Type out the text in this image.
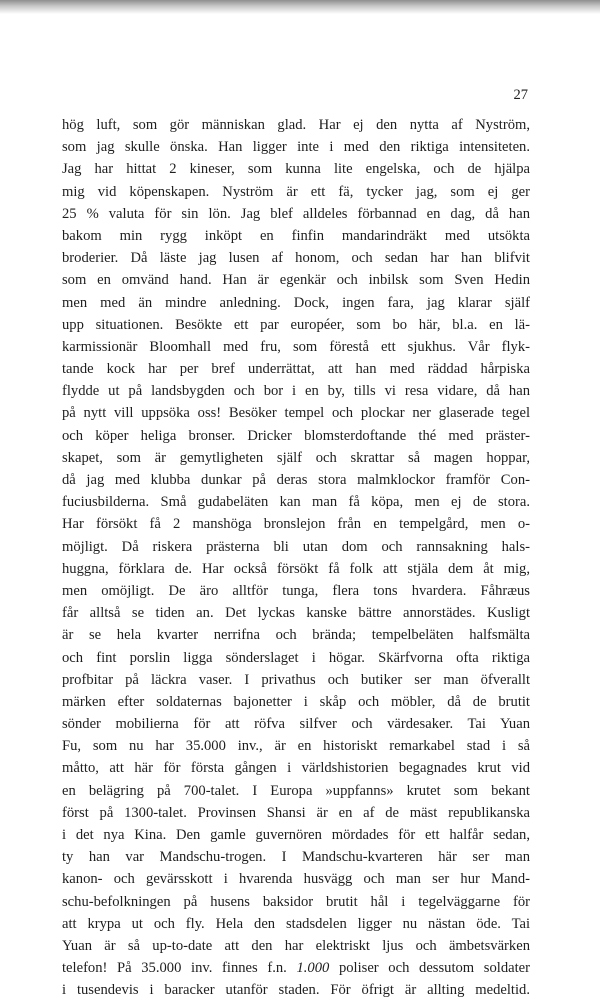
27
hög luft, som gör människan glad. Har ej den nytta af Nyström,
som jag skulle önska. Han ligger inte i med den riktiga intensiteten.
Jag har hittat 2 kineser, som kunna lite engelska, och de hjälpa
mig vid köpenskapen. Nyström är ett fä, tycker jag, som ej ger
25 % valuta för sin lön. Jag blef alldeles förbannad en dag, då han
bakom min rygg inköpt en finfin mandarindräkt med utsökta
broderier. Då läste jag lusen af honom, och sedan har han blifvit
som en omvänd hand. Han är egenkär och inbilsk som Sven Hedin
men med än mindre anledning. Dock, ingen fara, jag klarar själf
upp situationen. Besökte ett par européer, som bo här, bl.a. en lä-
karmissionär Bloomhall med fru, som förestå ett sjukhus. Vår flyk-
tande kock har per bref underrättat, att han med räddad hårpiska
flydde ut på landsbygden och bor i en by, tills vi resa vidare, då han
på nytt vill uppsöka oss! Besöker tempel och plockar ner glaserade tegel
och köper heliga bronser. Dricker blomsterdoftande thé med präster-
skapet, som är gemytligheten själf och skrattar så magen hoppar,
då jag med klubba dunkar på deras stora malmklockor framför Con-
fuciusbilderna. Små gudabeläten kan man få köpa, men ej de stora.
Har försökt få 2 manshöga bronslejon från en tempelgård, men o-
möjligt. Då riskera prästerna bli utan dom och rannsakning hals-
huggna, förklara de. Har också försökt få folk att stjäla dem åt mig,
men omöjligt. De äro alltför tunga, flera tons hvardera. Fåhræus
får alltså se tiden an. Det lyckas kanske bättre annorstädes. Kusligt
är se hela kvarter nerrifna och brända; tempelbeläten halfsmälta
och fint porslin ligga sönderslaget i högar. Skärfvorna ofta riktiga
profbitar på läckra vaser. I privathus och butiker ser man öfverallt
märken efter soldaternas bajonetter i skåp och möbler, då de brutit
sönder mobilierna för att röfva silfver och värdesaker. Tai Yuan
Fu, som nu har 35.000 inv., är en historiskt remarkabel stad i så
måtto, att här för första gången i världshistorien begagnades krut vid
en belägring på 700-talet. I Europa »uppfanns» krutet som bekant
först på 1300-talet. Provinsen Shansi är en af de mäst republikanska
i det nya Kina. Den gamle guvernören mördades för ett halfår sedan,
ty han var Mandschu-trogen. I Mandschu-kvarteren här ser man
kanon- och gevärsskott i hvarenda husvägg och man ser hur Mand-
schu-befolkningen på husens baksidor brutit hål i tegelväggarne för
att krypa ut och fly. Hela den stadsdelen ligger nu nästan öde. Tai
Yuan är så up-to-date att den har elektriskt ljus och ämbetsvärken
telefon! På 35.000 inv. finnes f.n. 1.000 poliser och dessutom soldater
i tusendevis i baracker utanför staden. För öfrigt är allting medeltid.
